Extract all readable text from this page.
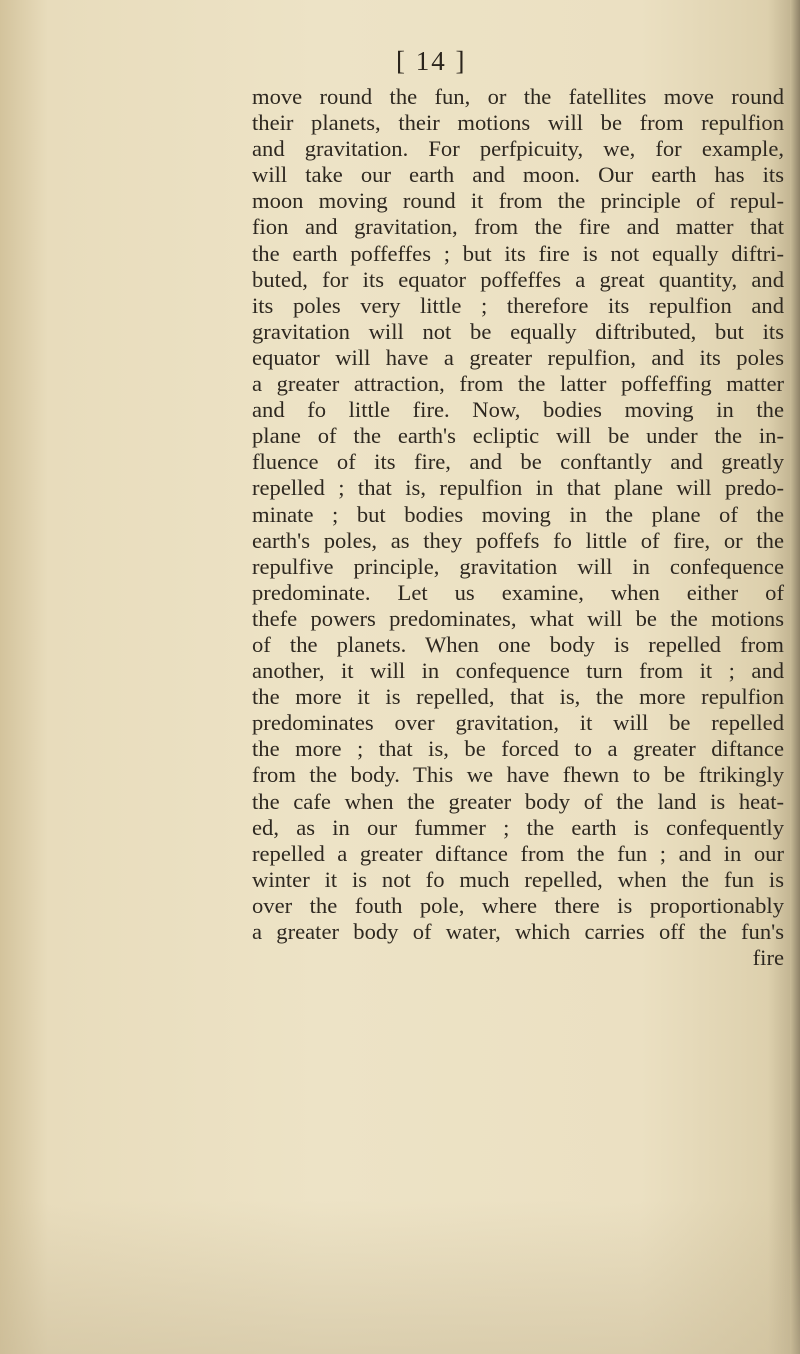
[ 14 ]
move round the fun, or the fatellites move round
their planets, their motions will be from repulfion
and gravitation. For perfpicuity, we, for example,
will take our earth and moon. Our earth has its
moon moving round it from the principle of repul-
fion and gravitation, from the fire and matter that
the earth poffeffes ; but its fire is not equally diftri-
buted, for its equator poffeffes a great quantity, and
its poles very little ; therefore its repulfion and
gravitation will not be equally diftributed, but its
equator will have a greater repulfion, and its poles
a greater attraction, from the latter poffeffing matter
and fo little fire. Now, bodies moving in the
plane of the earth's ecliptic will be under the in-
fluence of its fire, and be conftantly and greatly
repelled ; that is, repulfion in that plane will predo-
minate ; but bodies moving in the plane of the
earth's poles, as they poffefs fo little of fire, or the
repulfive principle, gravitation will in confequence
predominate. Let us examine, when either of
thefe powers predominates, what will be the motions
of the planets. When one body is repelled from
another, it will in confequence turn from it ; and
the more it is repelled, that is, the more repulfion
predominates over gravitation, it will be repelled
the more ; that is, be forced to a greater diftance
from the body. This we have fhewn to be ftrikingly
the cafe when the greater body of the land is heat-
ed, as in our fummer ; the earth is confequently
repelled a greater diftance from the fun ; and in our
winter it is not fo much repelled, when the fun is
over the fouth pole, where there is proportionably
a greater body of water, which carries off the fun's
fire
